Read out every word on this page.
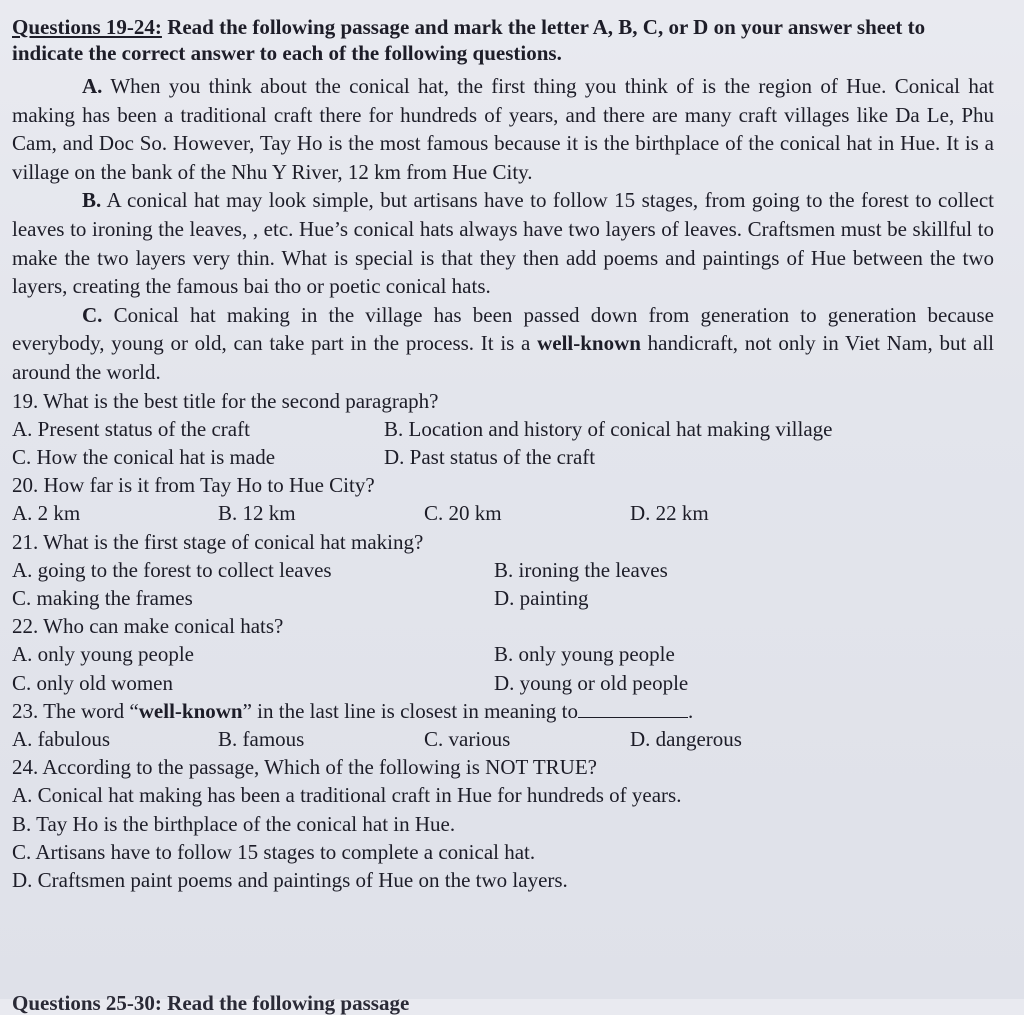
Questions 19-24: Read the following passage and mark the letter A, B, C, or D on your answer sheet to indicate the correct answer to each of the following questions.

A. When you think about the conical hat, the first thing you think of is the region of Hue. Conical hat making has been a traditional craft there for hundreds of years, and there are many craft villages like Da Le, Phu Cam, and Doc So. However, Tay Ho is the most famous because it is the birthplace of the conical hat in Hue. It is a village on the bank of the Nhu Y River, 12 km from Hue City.

B. A conical hat may look simple, but artisans have to follow 15 stages, from going to the forest to collect leaves to ironing the leaves, , etc. Hue’s conical hats always have two layers of leaves. Craftsmen must be skillful to make the two layers very thin. What is special is that they then add poems and paintings of Hue between the two layers, creating the famous bai tho or poetic conical hats.

C. Conical hat making in the village has been passed down from generation to generation because everybody, young or old, can take part in the process. It is a well-known handicraft, not only in Viet Nam, but all around the world.

19. What is the best title for the second paragraph?
A. Present status of the craft	B. Location and history of conical hat making village
C. How the conical hat is made	D. Past status of the craft
20. How far is it from Tay Ho to Hue City?
A. 2 km	B. 12 km	C. 20 km	D. 22 km
21. What is the first stage of conical hat making?
A. going to the forest to collect leaves	B. ironing the leaves
C. making the frames	D. painting
22. Who can make conical hats?
A. only young people	B. only young people
C. only old women	D. young or old people
23. The word “well-known” in the last line is closest in meaning to	.
A. fabulous	B. famous	C. various	D. dangerous
24. According to the passage, Which of the following is NOT TRUE?
A. Conical hat making has been a traditional craft in Hue for hundreds of years.
B. Tay Ho is the birthplace of the conical hat in Hue.
C. Artisans have to follow 15 stages to complete a conical hat.
D. Craftsmen paint poems and paintings of Hue on the two layers.
Questions 25-30: Read the following passage
